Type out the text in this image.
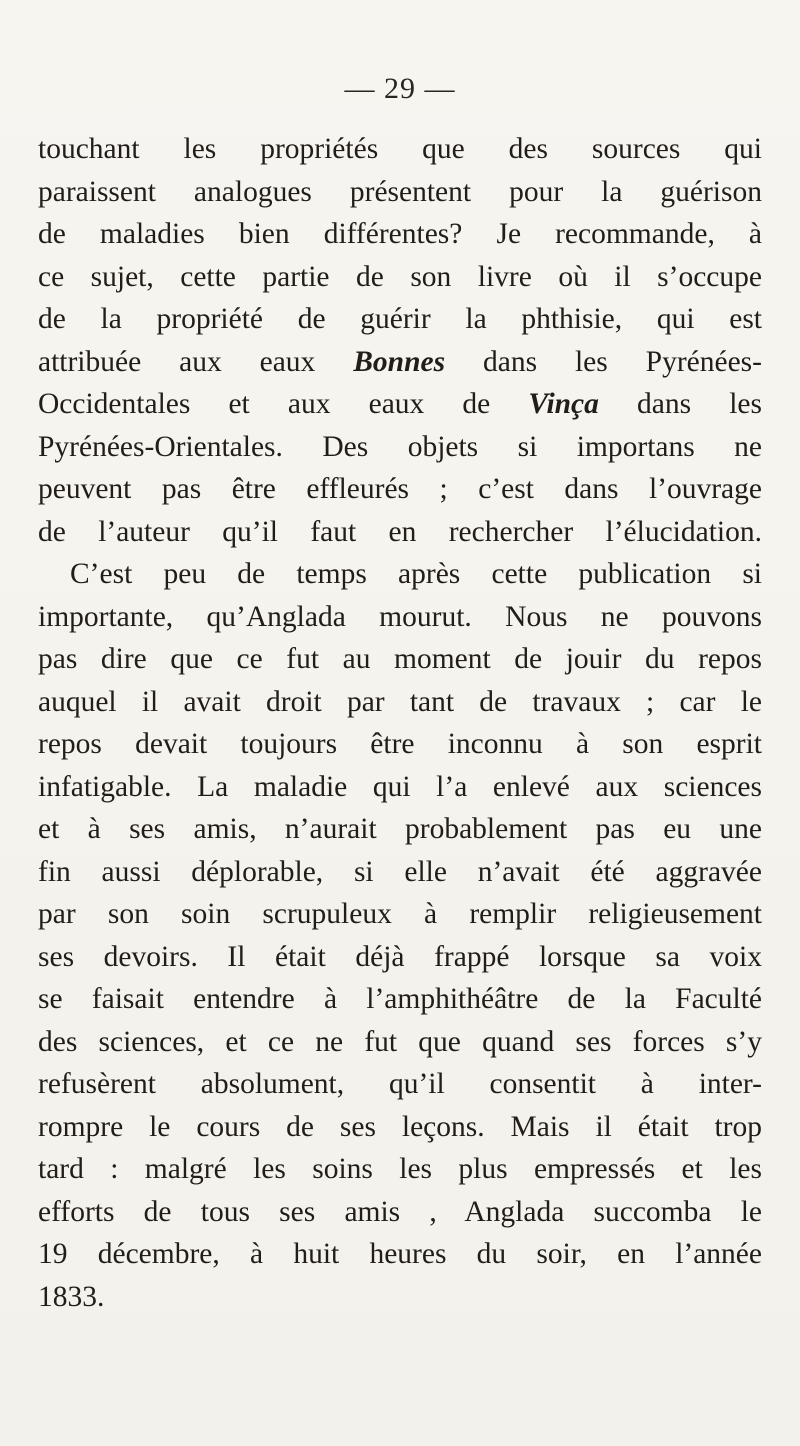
— 29 —
touchant les propriétés que des sources qui
paraissent analogues présentent pour la guérison
de maladies bien différentes? Je recommande, à
ce sujet, cette partie de son livre où il s’occupe
de la propriété de guérir la phthisie, qui est
attribuée aux eaux Bonnes dans les Pyrénées-
Occidentales et aux eaux de Vinça dans les
Pyrénées-Orientales. Des objets si importans ne
peuvent pas être effleurés ; c’est dans l’ouvrage
de l’auteur qu’il faut en rechercher l’élucidation.
C’est peu de temps après cette publication si
importante, qu’Anglada mourut. Nous ne pouvons
pas dire que ce fut au moment de jouir du repos
auquel il avait droit par tant de travaux ; car le
repos devait toujours être inconnu à son esprit
infatigable. La maladie qui l’a enlevé aux sciences
et à ses amis, n’aurait probablement pas eu une
fin aussi déplorable, si elle n’avait été aggravée
par son soin scrupuleux à remplir religieusement
ses devoirs. Il était déjà frappé lorsque sa voix
se faisait entendre à l’amphithéâtre de la Faculté
des sciences, et ce ne fut que quand ses forces s’y
refusèrent absolument, qu’il consentit à inter-
rompre le cours de ses leçons. Mais il était trop
tard : malgré les soins les plus empressés et les
efforts de tous ses amis , Anglada succomba le
19 décembre, à huit heures du soir, en l’année
1833.
